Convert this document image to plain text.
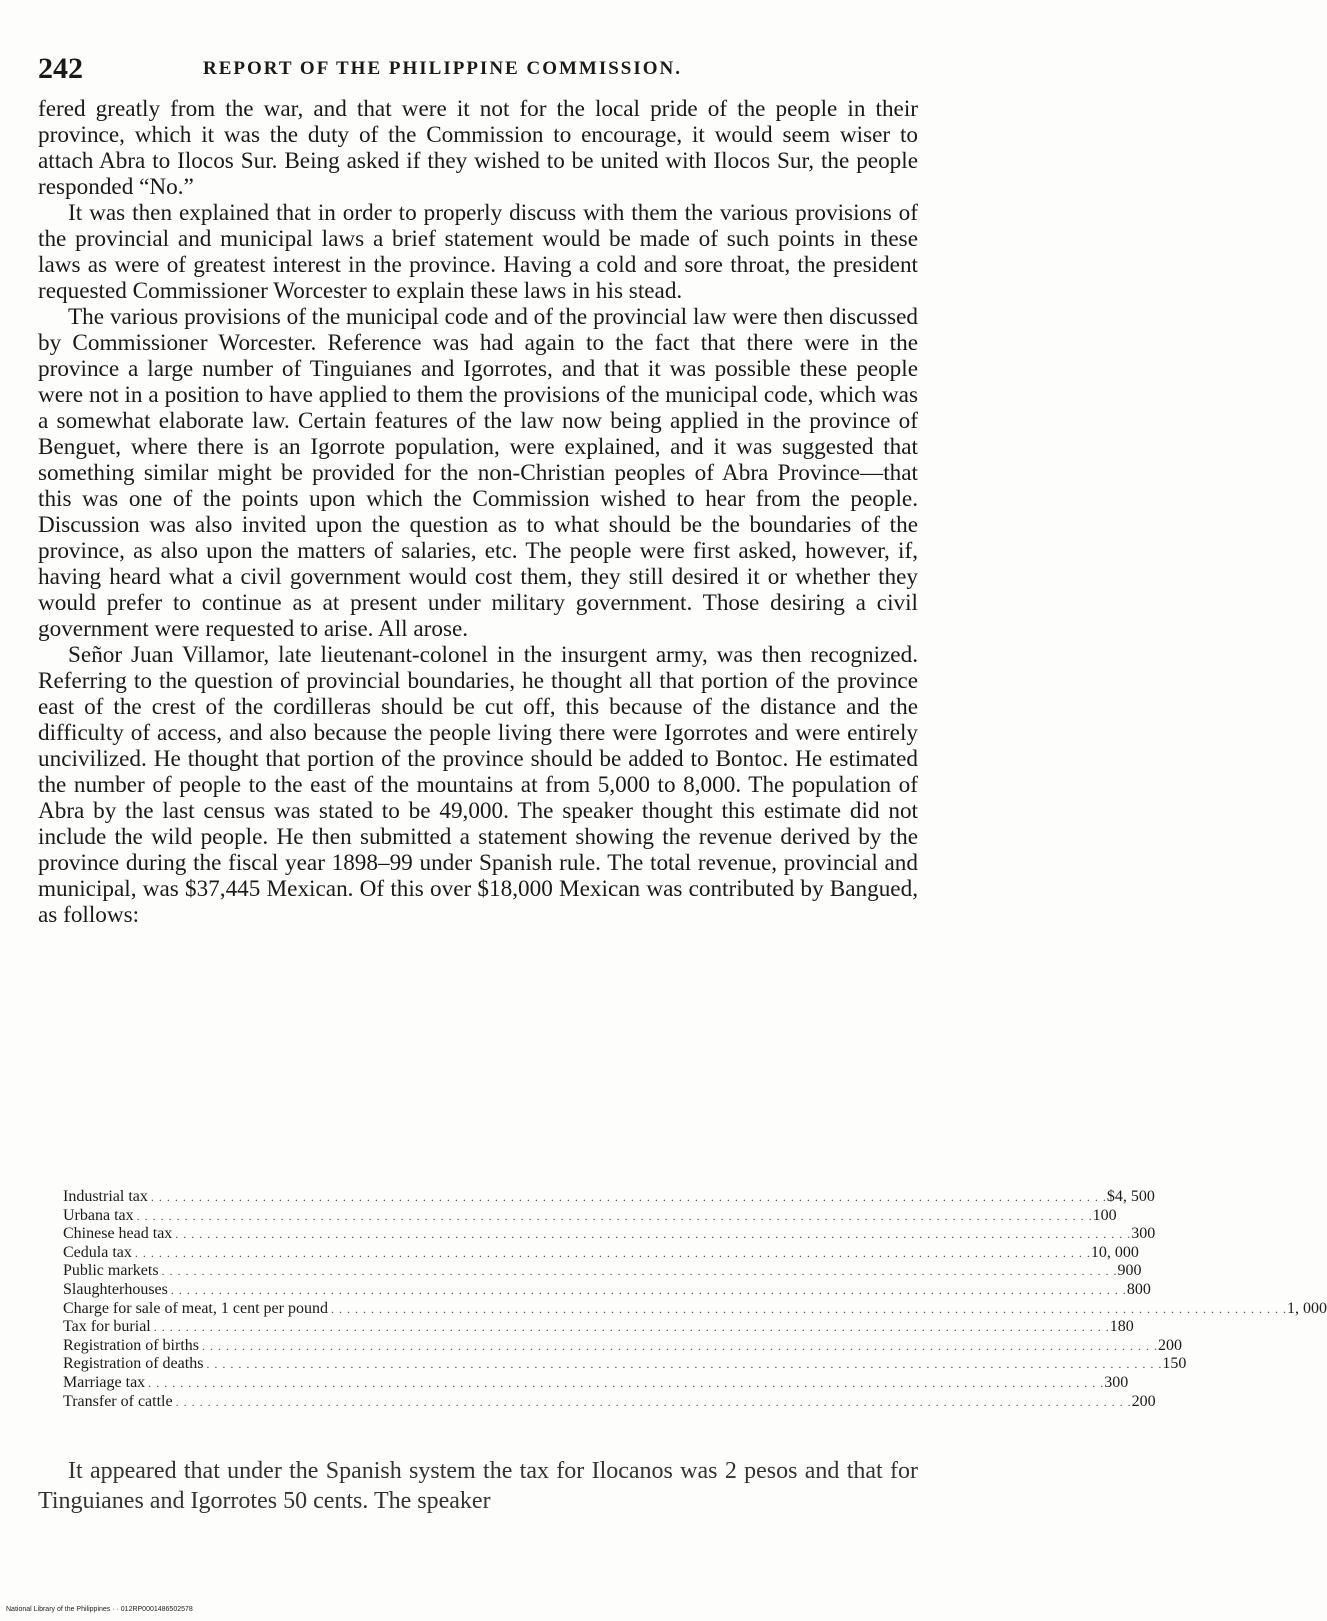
242	REPORT OF THE PHILIPPINE COMMISSION.

fered greatly from the war, and that were it not for the local pride of the people in their province, which it was the duty of the Commission to encourage, it would seem wiser to attach Abra to Ilocos Sur. Being asked if they wished to be united with Ilocos Sur, the people responded “No.”

It was then explained that in order to properly discuss with them the various provisions of the provincial and municipal laws a brief statement would be made of such points in these laws as were of greatest interest in the province. Having a cold and sore throat, the president requested Commissioner Worcester to explain these laws in his stead.

The various provisions of the municipal code and of the provincial law were then discussed by Commissioner Worcester. Reference was had again to the fact that there were in the province a large number of Tinguianes and Igorrotes, and that it was possible these people were not in a position to have applied to them the provisions of the municipal code, which was a somewhat elaborate law. Certain features of the law now being applied in the province of Benguet, where there is an Igorrote population, were explained, and it was suggested that something similar might be provided for the non-Christian peoples of Abra Province—that this was one of the points upon which the Commission wished to hear from the people. Discussion was also invited upon the question as to what should be the boundaries of the province, as also upon the matters of salaries, etc. The people were first asked, however, if, having heard what a civil government would cost them, they still desired it or whether they would prefer to continue as at present under military government. Those desiring a civil government were requested to arise. All arose.

Señor Juan Villamor, late lieutenant-colonel in the insurgent army, was then recognized. Referring to the question of provincial boundaries, he thought all that portion of the province east of the crest of the cordilleras should be cut off, this because of the distance and the difficulty of access, and also because the people living there were Igorrotes and were entirely uncivilized. He thought that portion of the province should be added to Bontoc. He estimated the number of people to the east of the mountains at from 5,000 to 8,000. The population of Abra by the last census was stated to be 49,000. The speaker thought this estimate did not include the wild people. He then submitted a statement showing the revenue derived by the province during the fiscal year 1898–99 under Spanish rule. The total revenue, provincial and municipal, was $37,445 Mexican. Of this over $18,000 Mexican was contributed by Bangued, as follows:

Industrial tax . . . . . . . . . . . . . . . . . . . . . . . . . . . . . . . . . . . . . . . . . . . . . . . . . . . . . . . . . . . . . . . . . . . . . . . . . . . . . . . . . . . . . . . . . . . . . . . . . . . . . . . . . . . . . . . . . . . . . . . . $4, 500
Urbana tax . . . . . . . . . . . . . . . . . . . . . . . . . . . . . . . . . . . . . . . . . . . . . . . . . . . . . . . . . . . . . . . . . . . . . . . . . . . . . . . . . . . . . . . . . . . . . . . . . . . . . . . . . . . . . . . . . . . . . . . . 100
Chinese head tax . . . . . . . . . . . . . . . . . . . . . . . . . . . . . . . . . . . . . . . . . . . . . . . . . . . . . . . . . . . . . . . . . . . . . . . . . . . . . . . . . . . . . . . . . . . . . . . . . . . . . . . . . . . . . . . . . . . . . . . . 300
Cedula tax . . . . . . . . . . . . . . . . . . . . . . . . . . . . . . . . . . . . . . . . . . . . . . . . . . . . . . . . . . . . . . . . . . . . . . . . . . . . . . . . . . . . . . . . . . . . . . . . . . . . . . . . . . . . . . . . . . . . . . . . 10, 000
Public markets . . . . . . . . . . . . . . . . . . . . . . . . . . . . . . . . . . . . . . . . . . . . . . . . . . . . . . . . . . . . . . . . . . . . . . . . . . . . . . . . . . . . . . . . . . . . . . . . . . . . . . . . . . . . . . . . . . . . . . . . 900
Slaughterhouses . . . . . . . . . . . . . . . . . . . . . . . . . . . . . . . . . . . . . . . . . . . . . . . . . . . . . . . . . . . . . . . . . . . . . . . . . . . . . . . . . . . . . . . . . . . . . . . . . . . . . . . . . . . . . . . . . . . . . . . . 800
Charge for sale of meat, 1 cent per pound . . . . . . . . . . . . . . . . . . . . . . . . . . . . . . . . . . . . . . . . . . . . . . . . . . . . . . . . . . . . . . . . . . . . . . . . . . . . . . . . . . . . . . . . . . . . . . . . . . . . . . . . . . . . . . . . . . . . . . . . 1, 000
Tax for burial . . . . . . . . . . . . . . . . . . . . . . . . . . . . . . . . . . . . . . . . . . . . . . . . . . . . . . . . . . . . . . . . . . . . . . . . . . . . . . . . . . . . . . . . . . . . . . . . . . . . . . . . . . . . . . . . . . . . . . . . 180
Registration of births . . . . . . . . . . . . . . . . . . . . . . . . . . . . . . . . . . . . . . . . . . . . . . . . . . . . . . . . . . . . . . . . . . . . . . . . . . . . . . . . . . . . . . . . . . . . . . . . . . . . . . . . . . . . . . . . . . . . . . . . 200
Registration of deaths . . . . . . . . . . . . . . . . . . . . . . . . . . . . . . . . . . . . . . . . . . . . . . . . . . . . . . . . . . . . . . . . . . . . . . . . . . . . . . . . . . . . . . . . . . . . . . . . . . . . . . . . . . . . . . . . . . . . . . . . 150
Marriage tax . . . . . . . . . . . . . . . . . . . . . . . . . . . . . . . . . . . . . . . . . . . . . . . . . . . . . . . . . . . . . . . . . . . . . . . . . . . . . . . . . . . . . . . . . . . . . . . . . . . . . . . . . . . . . . . . . . . . . . . . 300
Transfer of cattle . . . . . . . . . . . . . . . . . . . . . . . . . . . . . . . . . . . . . . . . . . . . . . . . . . . . . . . . . . . . . . . . . . . . . . . . . . . . . . . . . . . . . . . . . . . . . . . . . . . . . . . . . . . . . . . . . . . . . . . . 200

It appeared that under the Spanish system the tax for Ilocanos was 2 pesos and that for Tinguianes and Igorrotes 50 cents. The speaker

National Library of the Philippines · · 012RP0001486502578
